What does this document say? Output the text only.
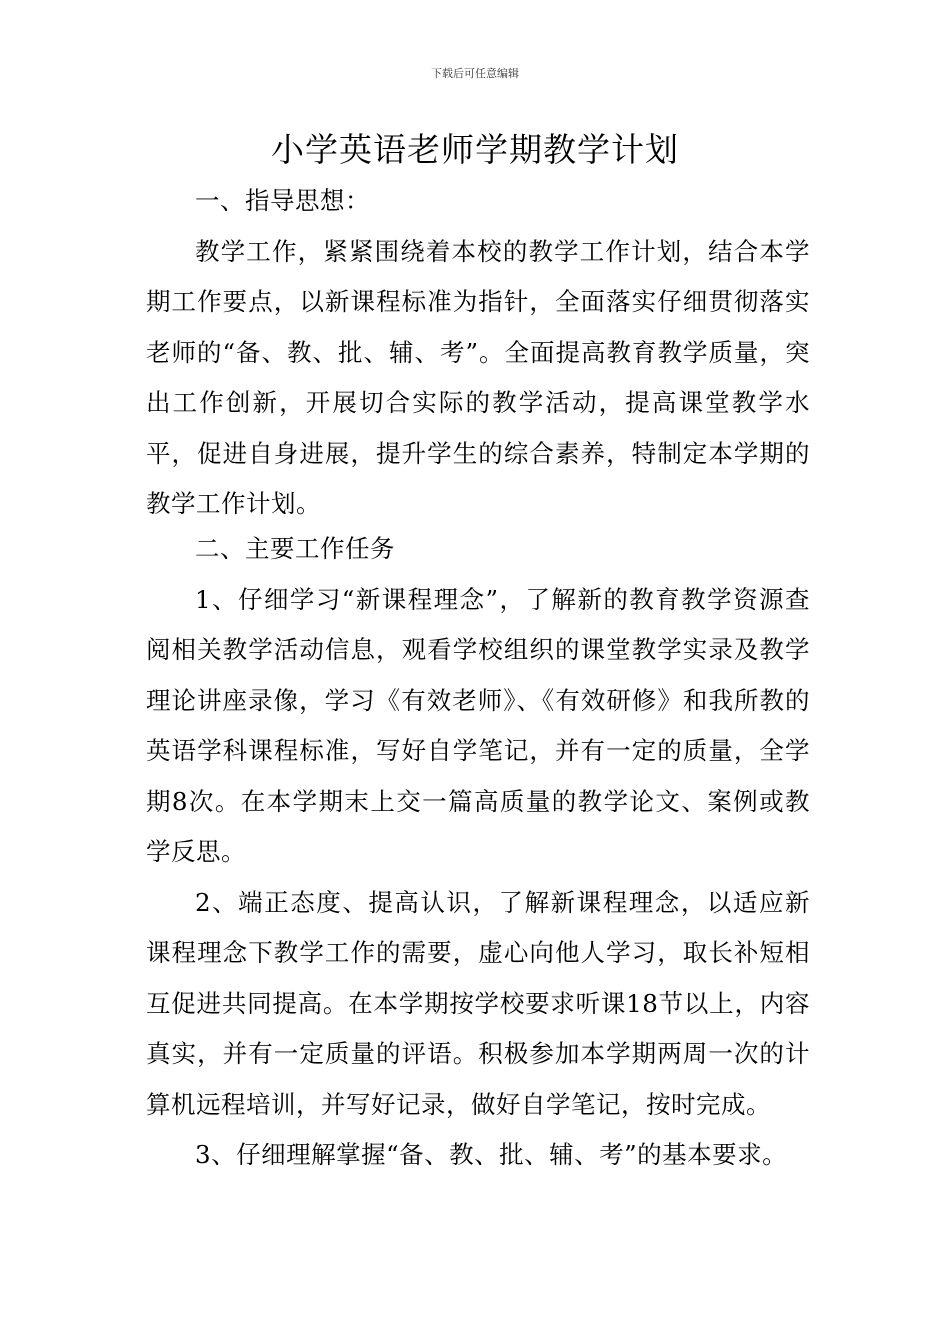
下载后可任意编辑
小学英语老师学期教学计划

一、指导思想：

教学工作，紧紧围绕着本校的教学工作计划，结合本学期工作要点，以新课程标准为指针，全面落实仔细贯彻落实老师的“备、教、批、辅、考”。全面提高教育教学质量，突出工作创新，开展切合实际的教学活动，提高课堂教学水平，促进自身进展，提升学生的综合素养，特制定本学期的教学工作计划。

二、主要工作任务

1、仔细学习“新课程理念”，了解新的教育教学资源查阅相关教学活动信息，观看学校组织的课堂教学实录及教学理论讲座录像，学习《有效老师》、《有效研修》和我所教的英语学科课程标准，写好自学笔记，并有一定的质量，全学期8次。在本学期末上交一篇高质量的教学论文、案例或教学反思。

2、端正态度、提高认识，了解新课程理念，以适应新课程理念下教学工作的需要，虚心向他人学习，取长补短相互促进共同提高。在本学期按学校要求听课18节以上，内容真实，并有一定质量的评语。积极参加本学期两周一次的计算机远程培训，并写好记录，做好自学笔记，按时完成。

3、仔细理解掌握“备、教、批、辅、考”的基本要求。
